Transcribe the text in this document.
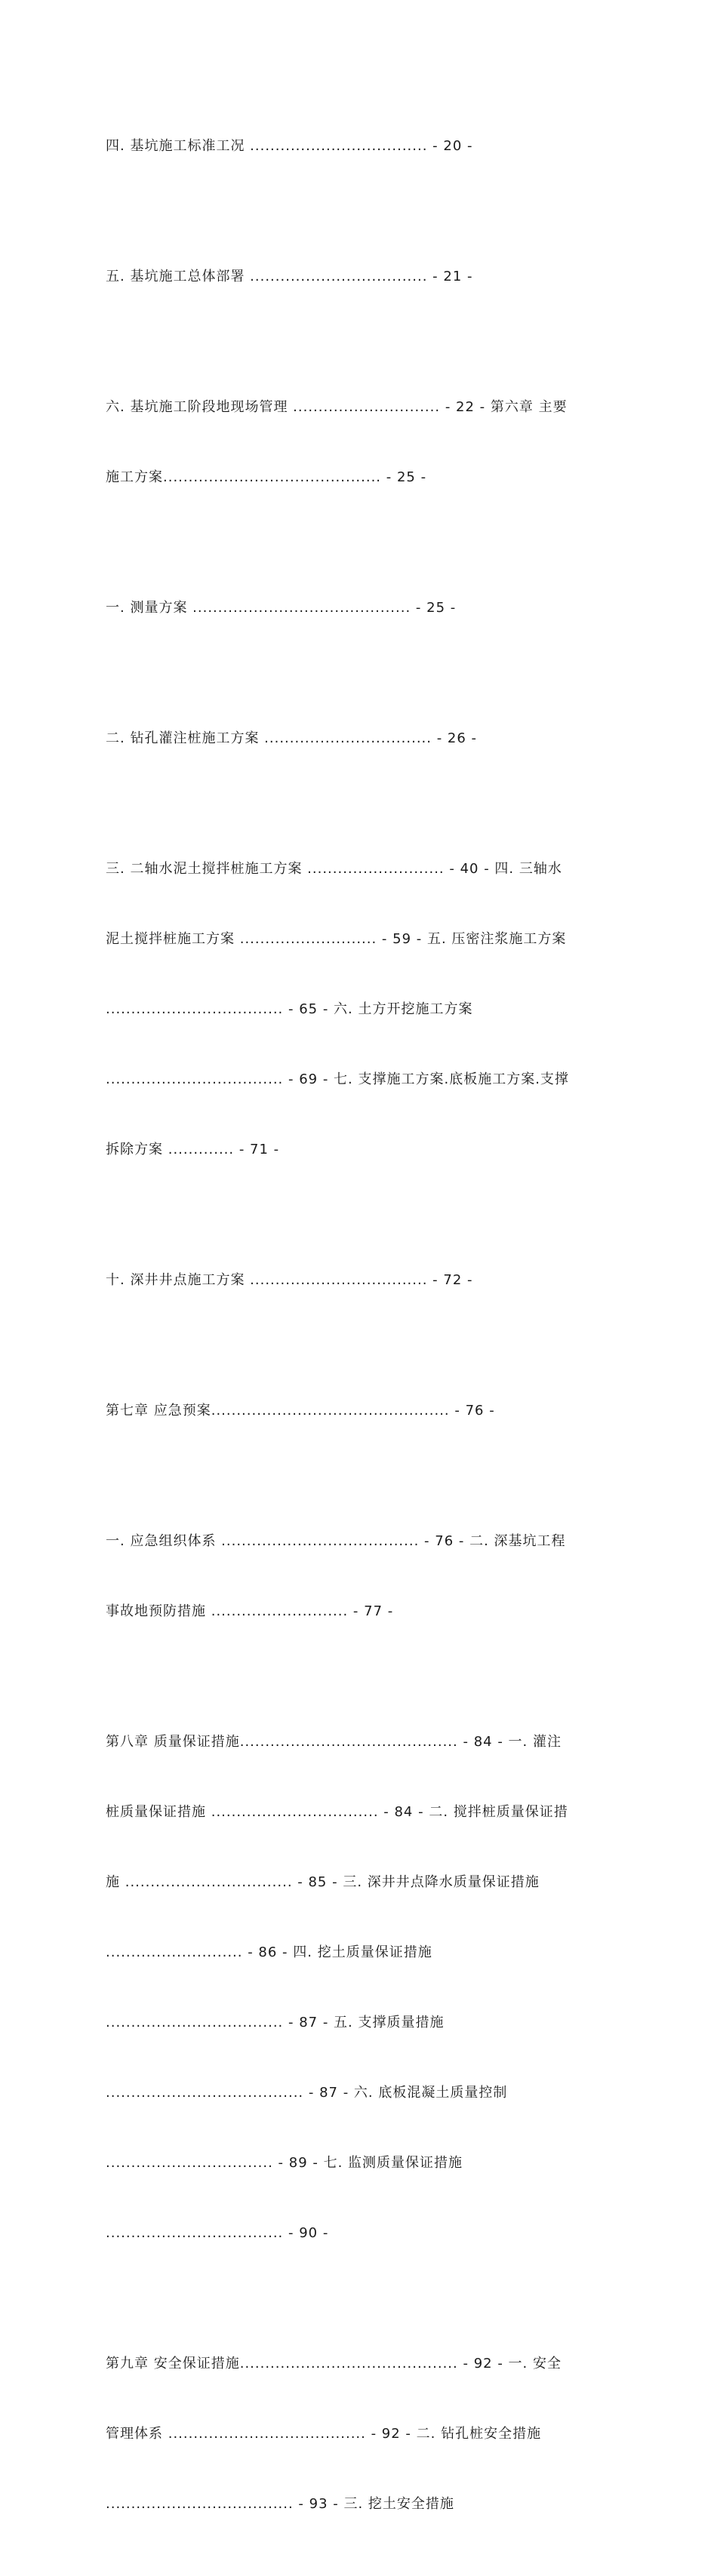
四. 基坑施工标准工况 ................................... - 20 -

五. 基坑施工总体部署 ................................... - 21 -

六. 基坑施工阶段地现场管理 ............................. - 22 - 第六章 主要

施工方案........................................... - 25 -

一. 测量方案 ........................................... - 25 -

二. 钻孔灌注桩施工方案 ................................. - 26 -

三. 二轴水泥土搅拌桩施工方案 ........................... - 40 - 四. 三轴水

泥土搅拌桩施工方案 ........................... - 59 - 五. 压密注浆施工方案

................................... - 65 - 六. 土方开挖施工方案

................................... - 69 - 七. 支撑施工方案.底板施工方案.支撑

拆除方案 ............. - 71 -

十. 深井井点施工方案 ................................... - 72 -

第七章 应急预案............................................... - 76 -

一. 应急组织体系 ....................................... - 76 - 二. 深基坑工程

事故地预防措施 ........................... - 77 -

第八章 质量保证措施........................................... - 84 - 一. 灌注

桩质量保证措施 ................................. - 84 - 二. 搅拌桩质量保证措

施 ................................. - 85 - 三. 深井井点降水质量保证措施

........................... - 86 - 四. 挖土质量保证措施

................................... - 87 - 五. 支撑质量措施

....................................... - 87 - 六. 底板混凝土质量控制

................................. - 89 - 七. 监测质量保证措施

................................... - 90 -

第九章 安全保证措施........................................... - 92 - 一. 安全

管理体系 ....................................... - 92 - 二. 钻孔桩安全措施

..................................... - 93 - 三. 挖土安全措施
